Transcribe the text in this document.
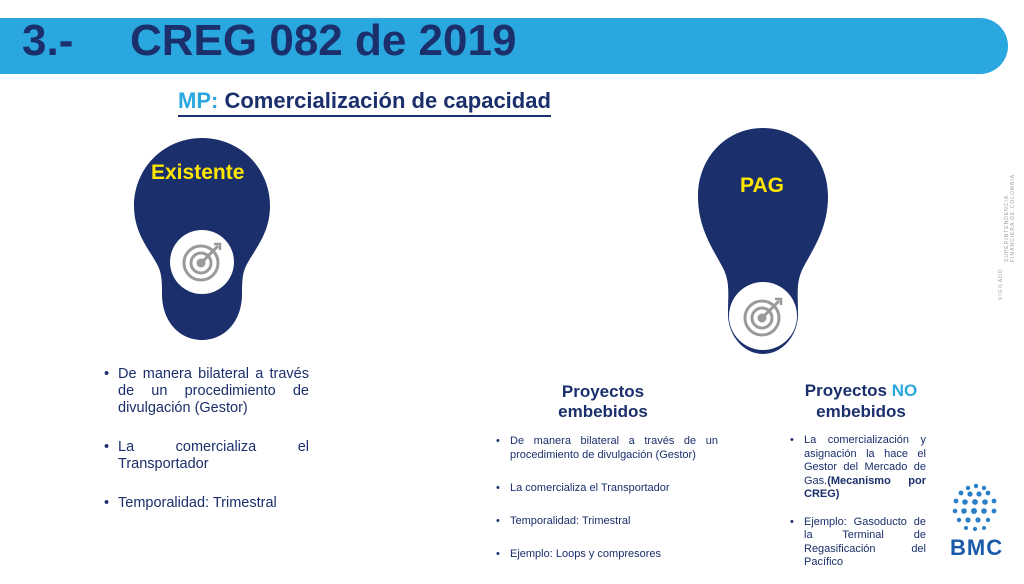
3.- CREG 082 de 2019
MP: Comercialización de capacidad
Existente
PAG
• De manera bilateral a través de un procedimiento de divulgación (Gestor)
• La comercializa el Transportador
• Temporalidad: Trimestral
Proyectos embebidos
• De manera bilateral a través de un procedimiento de divulgación (Gestor)
• La comercializa el Transportador
• Temporalidad: Trimestral
• Ejemplo: Loops y compresores
Proyectos NO
embebidos
• La comercialización y asignación la hace el Gestor del Mercado de Gas.(Mecanismo por CREG)
• Ejemplo: Gasoducto de la Terminal de Regasificación del Pacífico
VIGILADO
SUPERINTENDENCIA FINANCIERA DE COLOMBIA
BMC
